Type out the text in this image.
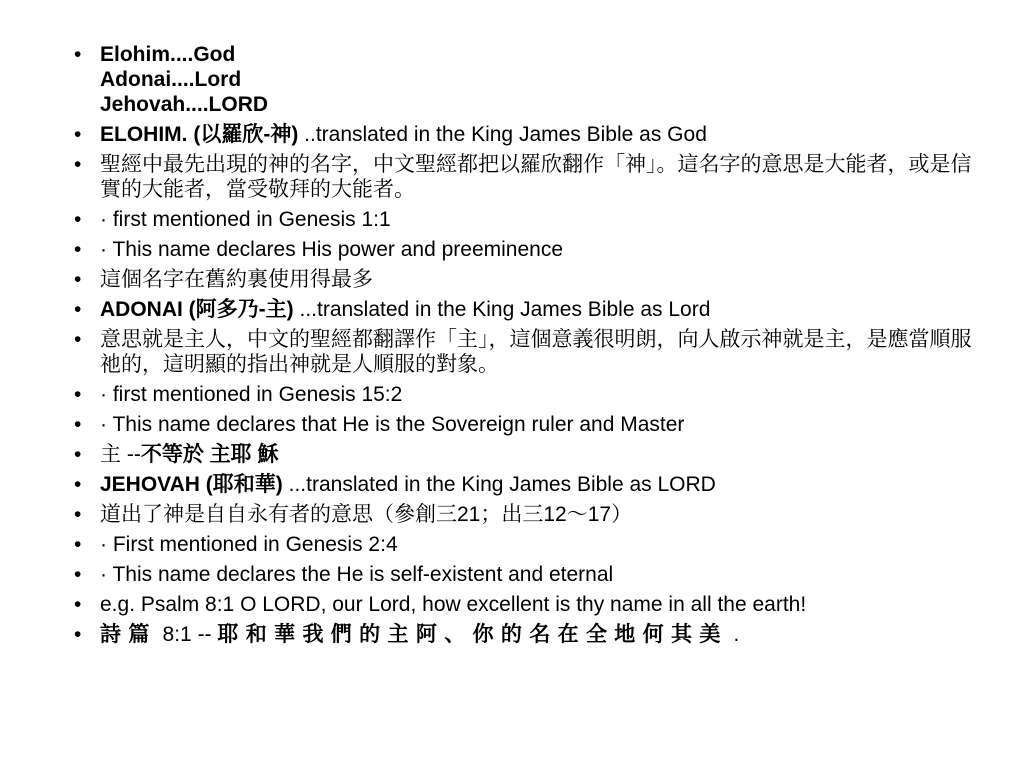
• Elohim....God
Adonai....Lord
Jehovah....LORD
• ELOHIM. (以羅欣-神) ..translated in the King James Bible as God
• 聖經中最先出現的神的名字，中文聖經都把以羅欣翻作「神」。這名字的意思是大能者，或是信實的大能者，當受敬拜的大能者。
• · first mentioned in Genesis 1:1
• · This name declares His power and preeminence
• 這個名字在舊約裏使用得最多
• ADONAI (阿多乃-主) ...translated in the King James Bible as Lord
• 意思就是主人，中文的聖經都翻譯作「主」，這個意義很明朗，向人啟示神就是主，是應當順服祂的，這明顯的指出神就是人順服的對象。
• · first mentioned in Genesis 15:2
• · This name declares that He is the Sovereign ruler and Master
• 主 --不等於 主耶 穌
• JEHOVAH (耶和華) ...translated in the King James Bible as LORD
• 道出了神是自自永有者的意思（參創三21；出三12～17）
• · First mentioned in Genesis 2:4
• · This name declares the He is self-existent and eternal
• e.g. Psalm 8:1 O LORD, our Lord, how excellent is thy name in all the earth!
• 詩篇 8:1 -- 耶和華我們的主阿、你的名在全地何其美 .
